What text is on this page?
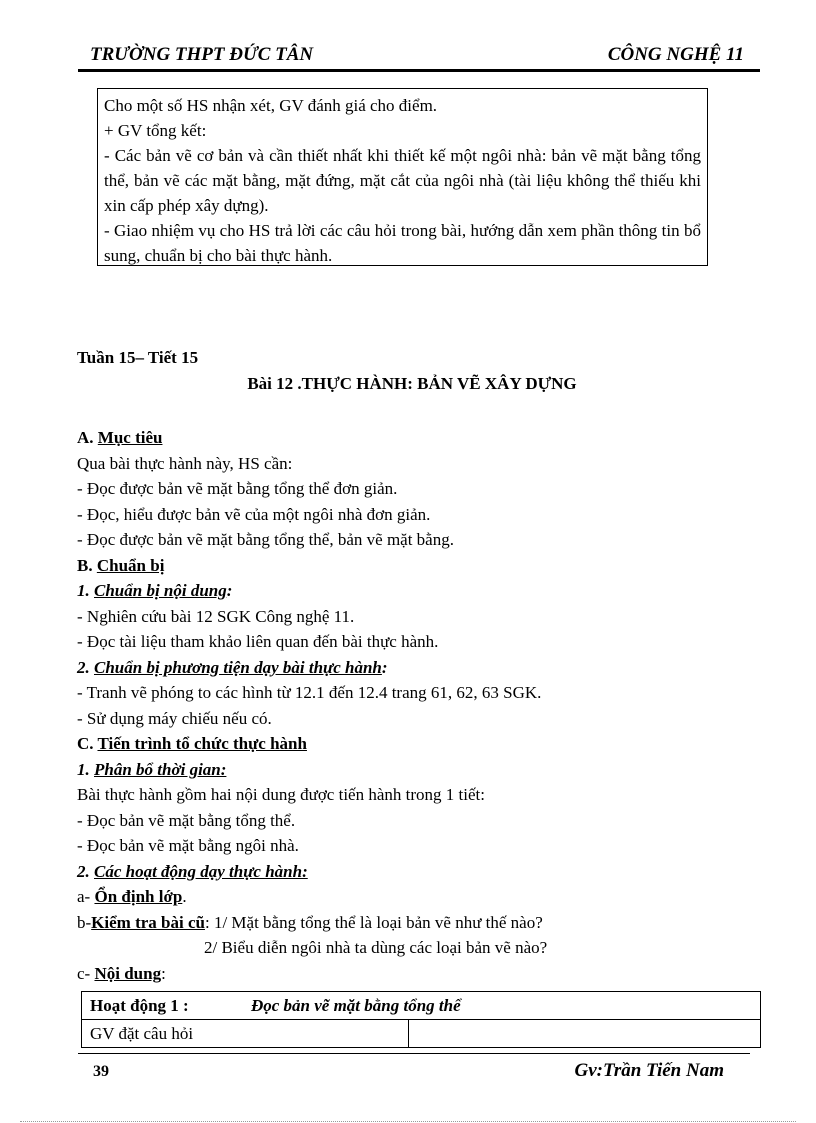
TRƯỜNG THPT ĐỨC TÂN	CÔNG NGHỆ 11

Cho một số HS nhận xét, GV đánh giá cho điểm.

+ GV tổng kết:

- Các bản vẽ cơ bản và cần thiết nhất khi thiết kế một ngôi nhà: bản vẽ mặt bằng tổng thể, bản vẽ các mặt bằng, mặt đứng, mặt cắt của ngôi nhà (tài liệu không thể thiếu khi xin cấp phép xây dựng).

- Giao nhiệm vụ cho HS trả lời các câu hỏi trong bài, hướng dẫn xem phần thông tin bổ sung, chuẩn bị cho bài thực hành.

Tuần 15– Tiết 15
Bài 12 .THỰC HÀNH: BẢN VẼ XÂY DỰNG
A. Mục tiêu
Qua bài thực hành này, HS cần:
- Đọc được bản vẽ mặt bằng tổng thể đơn giản.
- Đọc, hiểu được bản vẽ của một ngôi nhà đơn giản.
- Đọc được bản vẽ mặt bằng tổng thể, bản vẽ mặt bằng.
B. Chuẩn bị
1. Chuẩn bị nội dung:
- Nghiên cứu bài 12 SGK Công nghệ 11.
- Đọc tài liệu tham khảo liên quan đến bài thực hành.
2. Chuẩn bị phương tiện dạy bài thực hành:
- Tranh vẽ phóng to các hình từ 12.1 đến 12.4 trang 61, 62, 63 SGK.
- Sử dụng máy chiếu nếu có.
C. Tiến trình tổ chức thực hành
1. Phân bổ thời gian:
Bài thực hành gồm hai nội dung được tiến hành trong 1 tiết:
- Đọc bản vẽ mặt bằng tổng thể.
- Đọc bản vẽ mặt bằng ngôi nhà.
2. Các hoạt động dạy thực hành:
a- Ổn định lớp.
b-Kiểm tra bài cũ: 1/ Mặt bằng tổng thể là loại bản vẽ như thế nào?
2/ Biểu diễn ngôi nhà ta dùng các loại bản vẽ nào?
c- Nội dung:
Hoạt động 1 :	Đọc bản vẽ mặt bằng tổng thể
GV đặt câu hỏi	
39	Gv:Trần Tiến Nam
